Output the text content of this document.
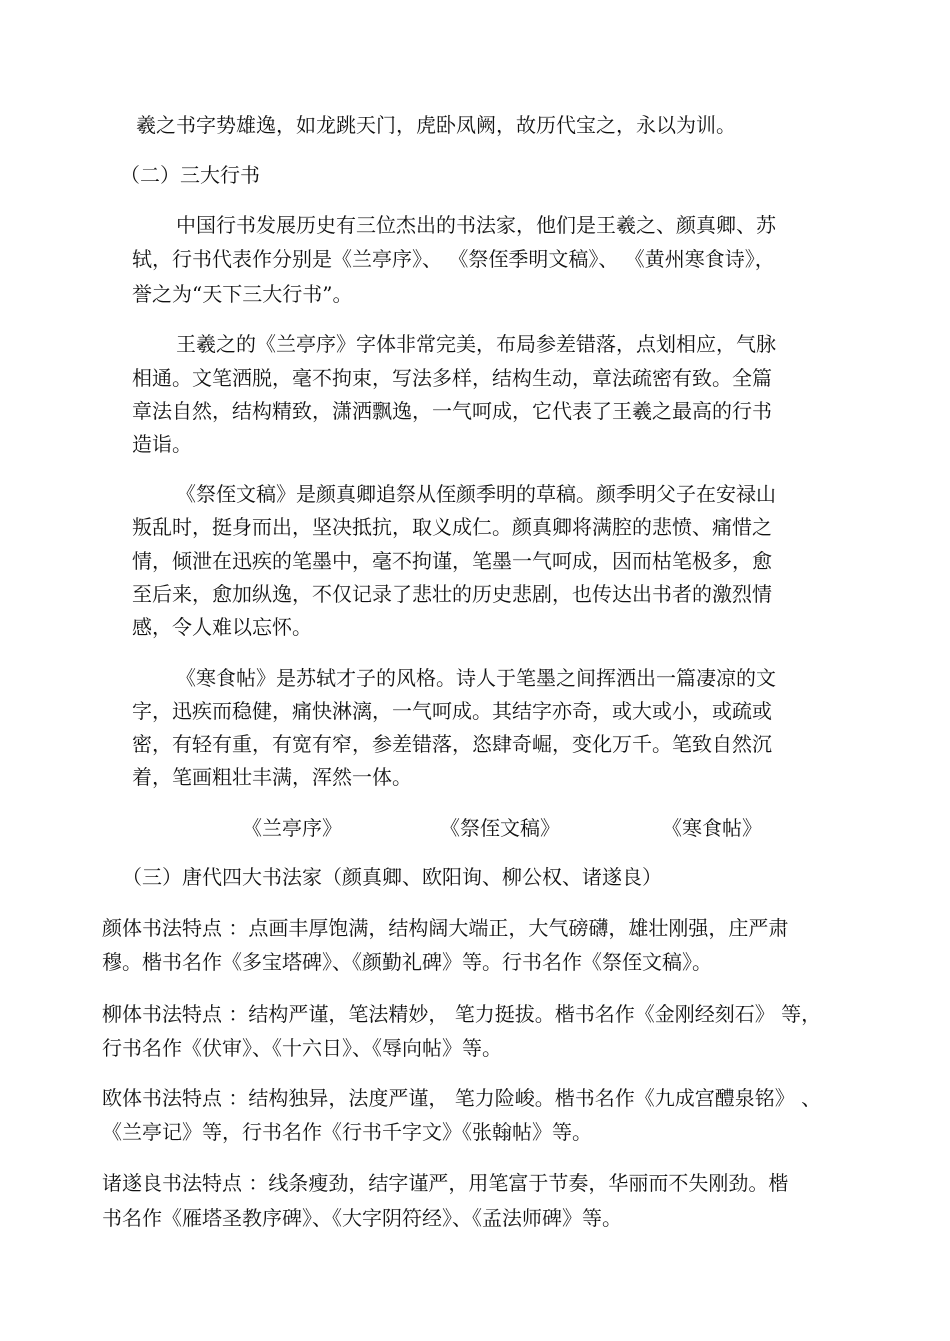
羲之书字势雄逸，如龙跳天门，虎卧凤阙，故历代宝之，永以为训。
（二）三大行书
中国行书发展历史有三位杰出的书法家，他们是王羲之、颜真卿、苏
轼，行书代表作分别是《兰亭序》、 《祭侄季明文稿》、 《黄州寒食诗》，
誉之为“天下三大行书”。
王羲之的《兰亭序》字体非常完美，布局参差错落，点划相应，气脉
相通。文笔洒脱，毫不拘束，写法多样，结构生动，章法疏密有致。全篇
章法自然，结构精致，潇洒飘逸，一气呵成，它代表了王羲之最高的行书
造诣。
《祭侄文稿》是颜真卿追祭从侄颜季明的草稿。颜季明父子在安禄山
叛乱时，挺身而出，坚决抵抗，取义成仁。颜真卿将满腔的悲愤、痛惜之
情，倾泄在迅疾的笔墨中，毫不拘谨，笔墨一气呵成，因而枯笔极多，愈
至后来，愈加纵逸，不仅记录了悲壮的历史悲剧，也传达出书者的激烈情
感，令人难以忘怀。
《寒食帖》是苏轼才子的风格。诗人于笔墨之间挥洒出一篇凄凉的文
字，迅疾而稳健，痛快淋漓，一气呵成。其结字亦奇，或大或小，或疏或
密，有轻有重，有宽有窄，参差错落，恣肆奇崛，变化万千。笔致自然沉
着，笔画粗壮丰满，浑然一体。
《兰亭序》	《祭侄文稿》	《寒食帖》
（三）唐代四大书法家（颜真卿、欧阳询、柳公权、诸遂良）
颜体书法特点 ：点画丰厚饱满，结构阔大端正，大气磅礴，雄壮刚强，庄严肃
穆。楷书名作《多宝塔碑》、《颜勤礼碑》等。行书名作《祭侄文稿》。
柳体书法特点 ：结构严谨，笔法精妙， 笔力挺拔。楷书名作《金刚经刻石》 等，
行书名作《伏审》、《十六日》、《辱向帖》等。
欧体书法特点 ：结构独异，法度严谨， 笔力险峻。楷书名作《九成宫醴泉铭》 、
《兰亭记》等，行书名作《行书千字文》《张翰帖》等。
诸遂良书法特点 ：线条瘦劲，结字谨严，用笔富于节奏，华丽而不失刚劲。楷
书名作《雁塔圣教序碑》、《大字阴符经》、《孟法师碑》等。
